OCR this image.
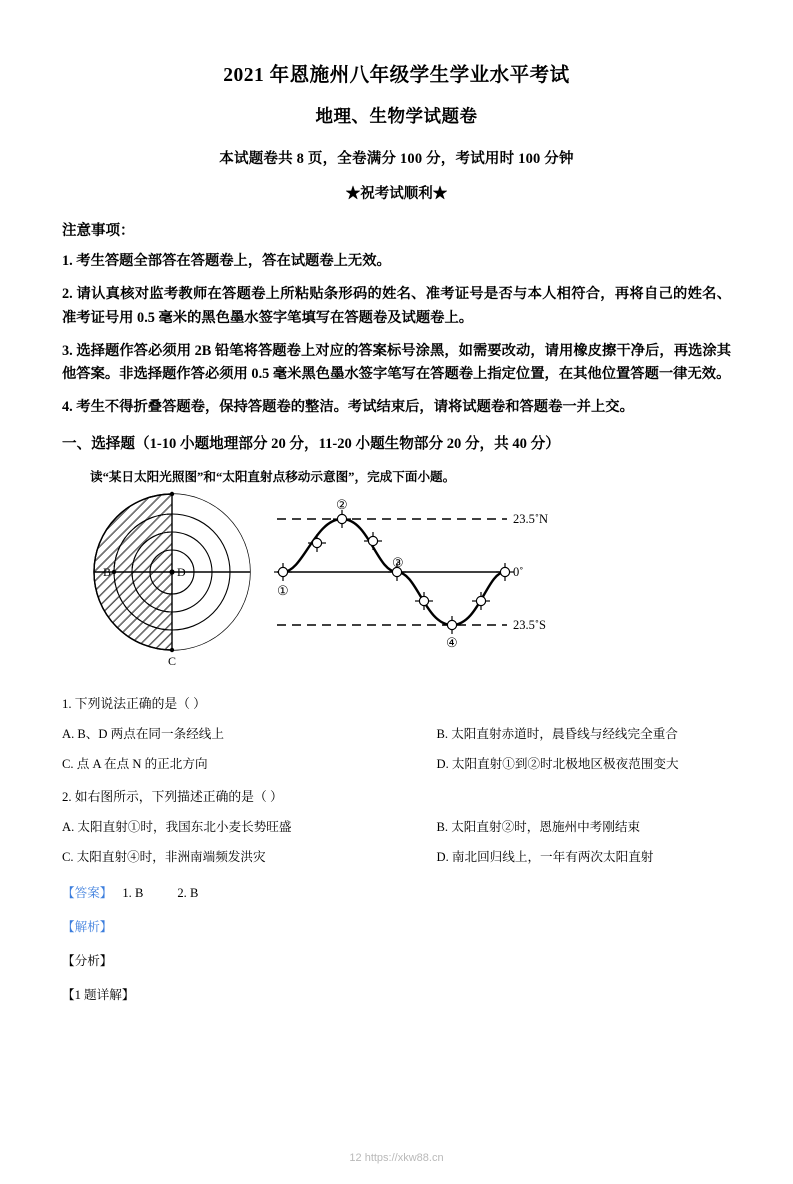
2021 年恩施州八年级学生学业水平考试
地理、生物学试题卷
本试题卷共 8 页，全卷满分 100 分，考试用时 100 分钟
★祝考试顺利★
注意事项：
1. 考生答题全部答在答题卷上，答在试题卷上无效。
2. 请认真核对监考教师在答题卷上所粘贴条形码的姓名、准考证号是否与本人相符合，再将自己的姓名、准考证号用 0.5 毫米的黑色墨水签字笔填写在答题卷及试题卷上。
3. 选择题作答必须用 2B 铅笔将答题卷上对应的答案标号涂黑，如需要改动，请用橡皮擦干净后，再选涂其他答案。非选择题作答必须用 0.5 毫米黑色墨水签字笔写在答题卷上指定位置，在其他位置答题一律无效。
4. 考生不得折叠答题卷，保持答题卷的整洁。考试结束后，请将试题卷和答题卷一并上交。
一、选择题（1-10 小题地理部分 20 分，11-20 小题生物部分 20 分，共 40 分）
读“某日太阳光照图”和“太阳直射点移动示意图”，完成下面小题。
B
C
D
①
②
③
④
23.5˚N
0˚
23.5˚S
1. 下列说法正确的是（ ）
A. B、D 两点在同一条经线上	B. 太阳直射赤道时，晨昏线与经线完全重合
C. 点 A 在点 N 的正北方向	D. 太阳直射①到②时北极地区极夜范围变大
2. 如右图所示，下列描述正确的是（ ）
A. 太阳直射①时，我国东北小麦长势旺盛	B. 太阳直射②时，恩施州中考刚结束
C. 太阳直射④时，非洲南端频发洪灾	D. 南北回归线上，一年有两次太阳直射
【答案】 1. B	2. B
【解析】
【分析】
【1 题详解】
12 https://xkw88.cn
